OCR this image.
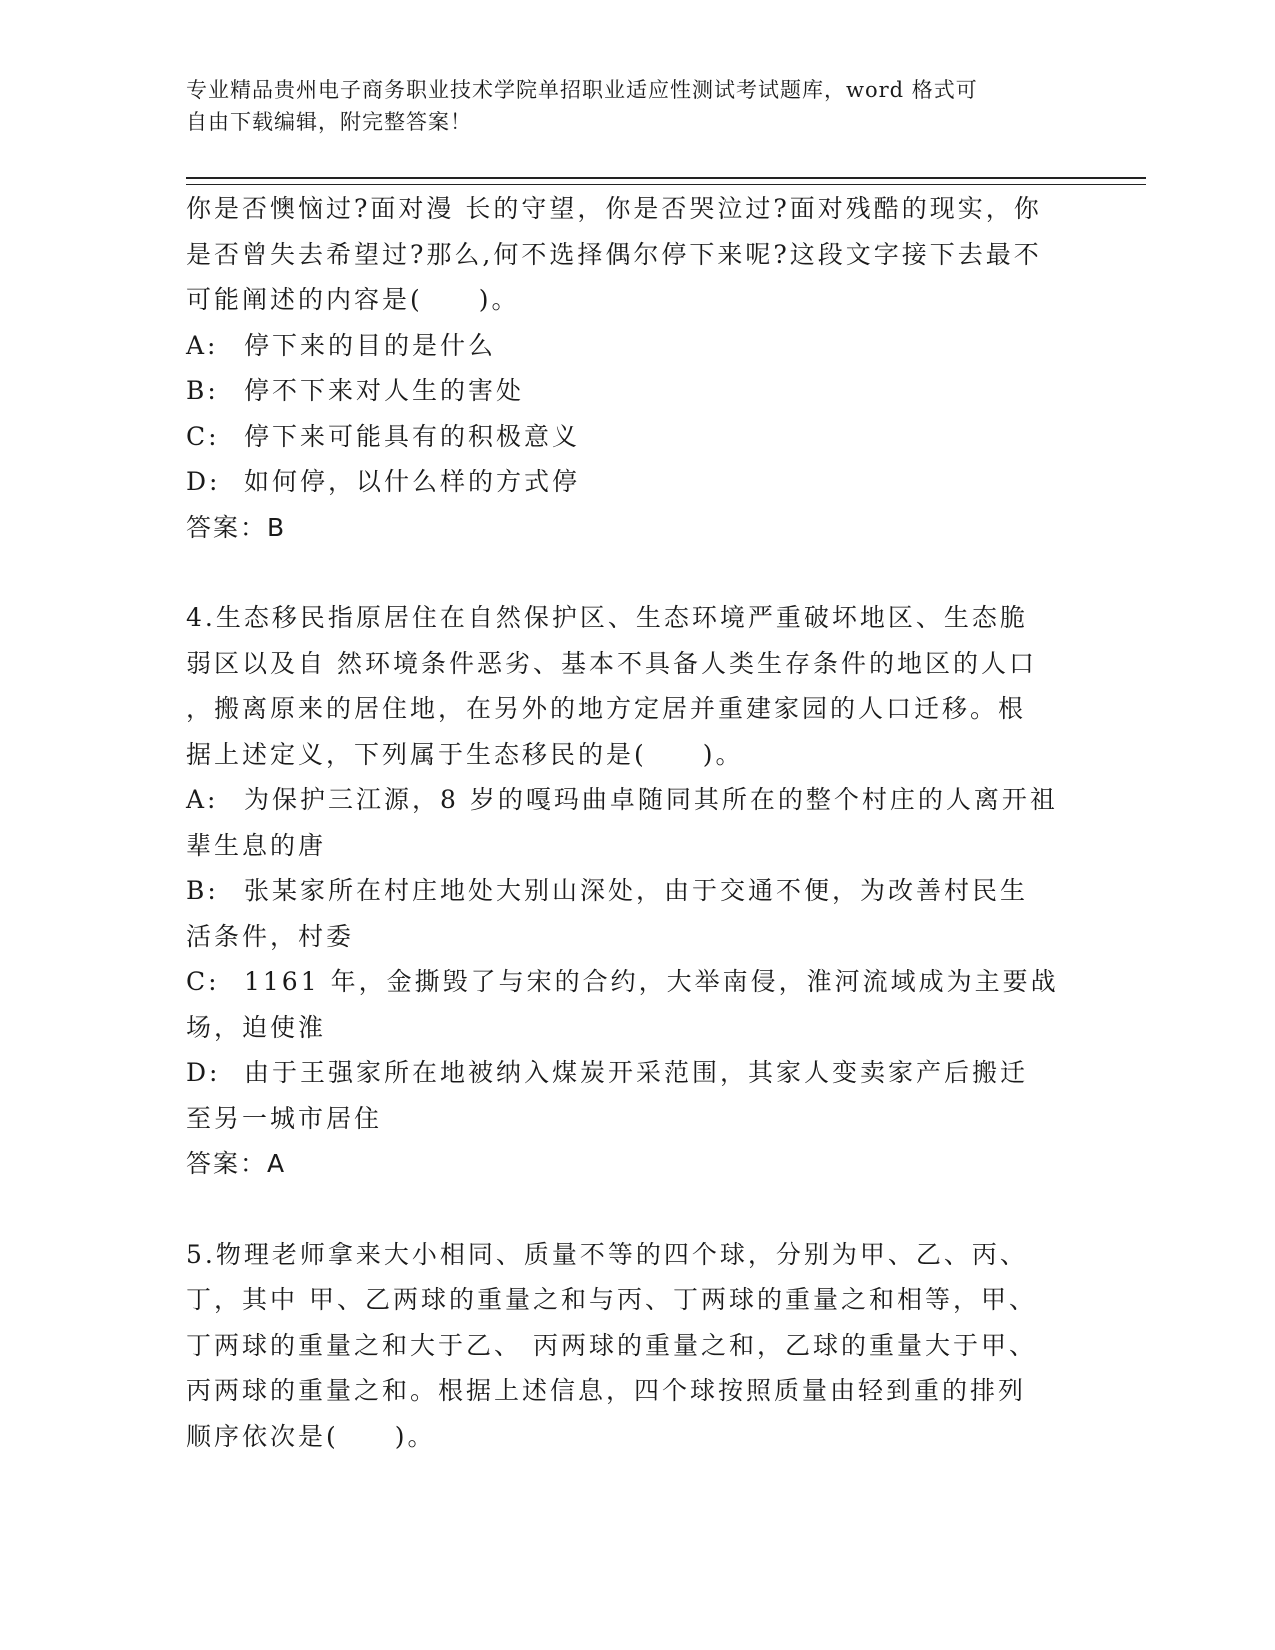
专业精品贵州电子商务职业技术学院单招职业适应性测试考试题库，word 格式可
自由下载编辑，附完整答案！
你是否懊恼过?面对漫 长的守望，你是否哭泣过?面对残酷的现实，你
是否曾失去希望过?那么,何不选择偶尔停下来呢?这段文字接下去最不
可能阐述的内容是(　　)。
A:	停下来的目的是什么
B:	停不下来对人生的害处
C: 停下来可能具有的积极意义
D: 如何停，以什么样的方式停
答案：B
4.生态移民指原居住在自然保护区、生态环境严重破坏地区、生态脆
弱区以及自 然环境条件恶劣、基本不具备人类生存条件的地区的人口
，搬离原来的居住地，在另外的地方定居并重建家园的人口迁移。根
据上述定义，下列属于生态移民的是(　　)。
A:	为保护三江源，8 岁的嘎玛曲卓随同其所在的整个村庄的人离开祖
辈生息的唐
B:	张某家所在村庄地处大别山深处，由于交通不便，为改善村民生
活条件，村委
C: 1161 年，金撕毁了与宋的合约，大举南侵，淮河流域成为主要战
场，迫使淮
D: 由于王强家所在地被纳入煤炭开采范围，其家人变卖家产后搬迁
至另一城市居住
答案：A
5.物理老师拿来大小相同、质量不等的四个球，分别为甲、乙、丙、
丁，其中 甲、乙两球的重量之和与丙、丁两球的重量之和相等，甲、
丁两球的重量之和大于乙、 丙两球的重量之和，乙球的重量大于甲、
丙两球的重量之和。根据上述信息，四个球按照质量由轻到重的排列
顺序依次是(　　)。
